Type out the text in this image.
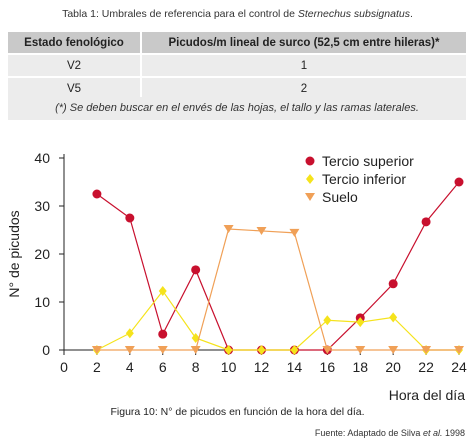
Tabla 1: Umbrales de referencia para el control de Sternechus subsignatus.
Estado fenológico	Picudos/m lineal de surco (52,5 cm entre hileras)*
V2	1
V5	2
(*) Se deben buscar en el envés de las hojas, el tallo y las ramas laterales.
0
10
20
30
40
0 2 4 6 8 10 12 14 16 18 20 22 24
Hora del día
N° de picudos
Tercio superior
Tercio inferior
Suelo
Figura 10: N° de picudos en función de la hora del día.
Fuente: Adaptado de Silva et al. 1998
